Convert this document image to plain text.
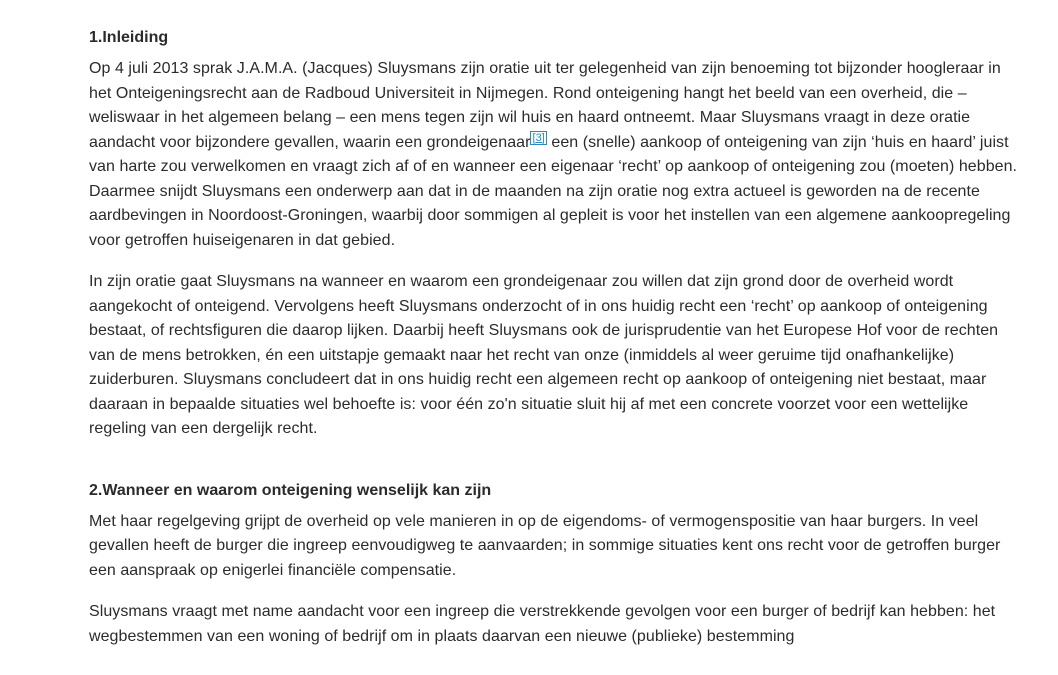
1.Inleiding

Op 4 juli 2013 sprak J.A.M.A. (Jacques) Sluysmans zijn oratie uit ter gelegenheid van zijn benoeming tot bijzonder hoogleraar in het Onteigeningsrecht aan de Radboud Universiteit in Nijmegen. Rond onteigening hangt het beeld van een overheid, die – weliswaar in het algemeen belang – een mens tegen zijn wil huis en haard ontneemt. Maar Sluysmans vraagt in deze oratie aandacht voor bijzondere gevallen, waarin een grondeigenaar [3] een (snelle) aankoop of onteigening van zijn ‘huis en haard’ juist van harte zou verwelkomen en vraagt zich af of en wanneer een eigenaar ‘recht’ op aankoop of onteigening zou (moeten) hebben. Daarmee snijdt Sluysmans een onderwerp aan dat in de maanden na zijn oratie nog extra actueel is geworden na de recente aardbevingen in Noordoost-Groningen, waarbij door sommigen al gepleit is voor het instellen van een algemene aankoopregeling voor getroffen huiseigenaren in dat gebied.

In zijn oratie gaat Sluysmans na wanneer en waarom een grondeigenaar zou willen dat zijn grond door de overheid wordt aangekocht of onteigend. Vervolgens heeft Sluysmans onderzocht of in ons huidig recht een ‘recht’ op aankoop of onteigening bestaat, of rechtsfiguren die daarop lijken. Daarbij heeft Sluysmans ook de jurisprudentie van het Europese Hof voor de rechten van de mens betrokken, én een uitstapje gemaakt naar het recht van onze (inmiddels al weer geruime tijd onafhankelijke) zuiderburen. Sluysmans concludeert dat in ons huidig recht een algemeen recht op aankoop of onteigening niet bestaat, maar daaraan in bepaalde situaties wel behoefte is: voor één zo'n situatie sluit hij af met een concrete voorzet voor een wettelijke regeling van een dergelijk recht.

2.Wanneer en waarom onteigening wenselijk kan zijn

Met haar regelgeving grijpt de overheid op vele manieren in op de eigendoms- of vermogenspositie van haar burgers. In veel gevallen heeft de burger die ingreep eenvoudigweg te aanvaarden; in sommige situaties kent ons recht voor de getroffen burger een aanspraak op enigerlei financiële compensatie.

Sluysmans vraagt met name aandacht voor een ingreep die verstrekkende gevolgen voor een burger of bedrijf kan hebben: het wegbestemmen van een woning of bedrijf om in plaats daarvan een nieuwe (publieke) bestemming
